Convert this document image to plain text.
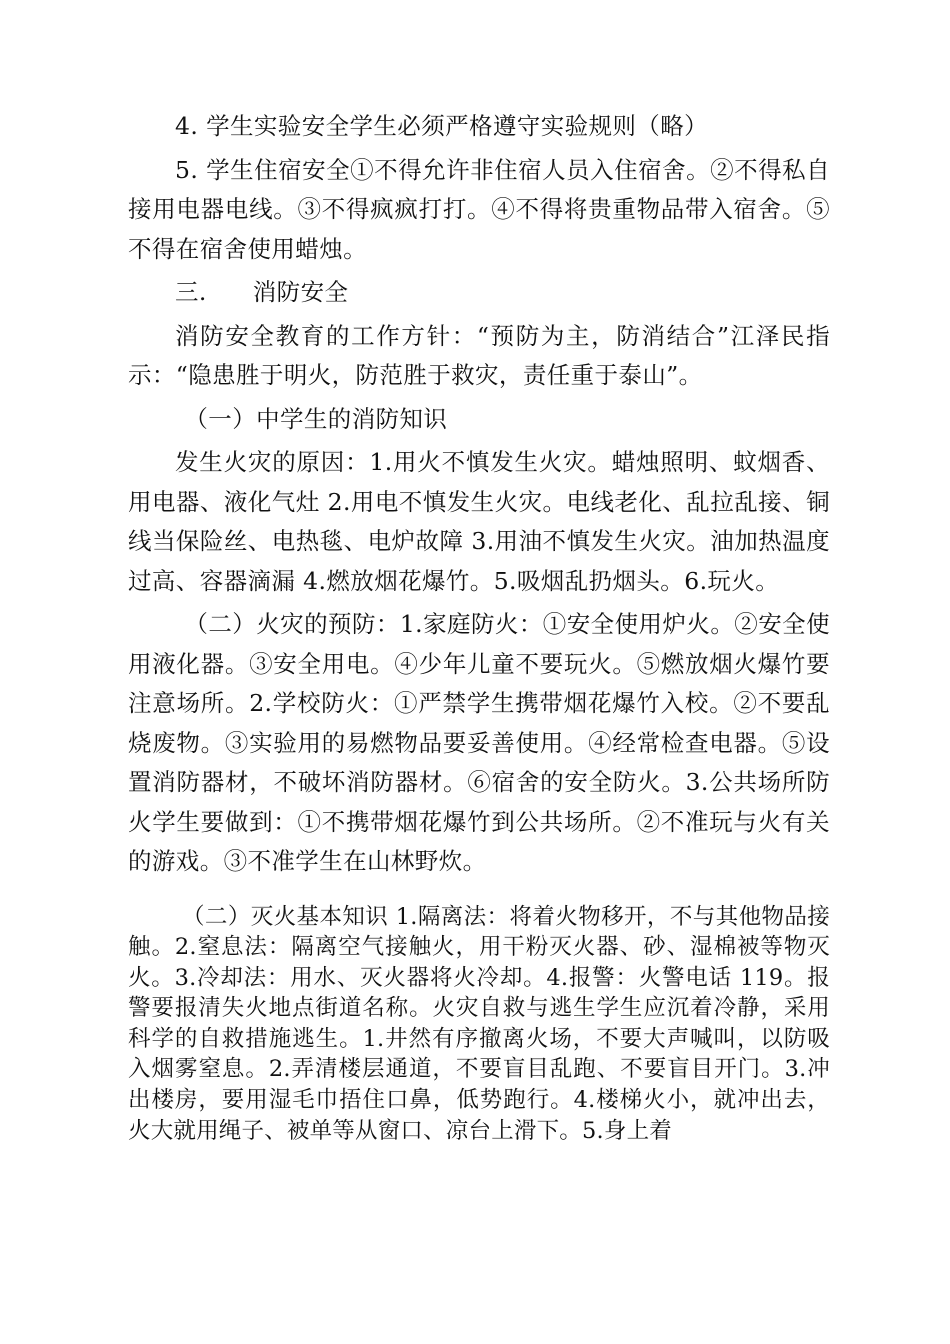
4. 学生实验安全学生必须严格遵守实验规则（略）

5. 学生住宿安全①不得允许非住宿人员入住宿舍。②不得私自接用电器电线。③不得疯疯打打。④不得将贵重物品带入宿舍。⑤不得在宿舍使用蜡烛。

三. 消防安全

消防安全教育的工作方针：“预防为主，防消结合”江泽民指示：“隐患胜于明火，防范胜于救灾，责任重于泰山”。

（一）中学生的消防知识

发生火灾的原因：1.用火不慎发生火灾。蜡烛照明、蚊烟香、用电器、液化气灶 2.用电不慎发生火灾。电线老化、乱拉乱接、铜线当保险丝、电热毯、电炉故障 3.用油不慎发生火灾。油加热温度过高、容器滴漏 4.燃放烟花爆竹。5.吸烟乱扔烟头。6.玩火。

（二）火灾的预防：1.家庭防火：①安全使用炉火。②安全使用液化器。③安全用电。④少年儿童不要玩火。⑤燃放烟火爆竹要注意场所。2.学校防火：①严禁学生携带烟花爆竹入校。②不要乱烧废物。③实验用的易燃物品要妥善使用。④经常检查电器。⑤设置消防器材，不破坏消防器材。⑥宿舍的安全防火。3.公共场所防火学生要做到：①不携带烟花爆竹到公共场所。②不准玩与火有关的游戏。③不准学生在山林野炊。

（二）灭火基本知识 1.隔离法：将着火物移开，不与其他物品接触。2.窒息法：隔离空气接触火，用干粉灭火器、砂、湿棉被等物灭火。3.冷却法：用水、灭火器将火冷却。4.报警：火警电话 119。报警要报清失火地点街道名称。火灾自救与逃生学生应沉着冷静，采用科学的自救措施逃生。1.井然有序撤离火场，不要大声喊叫，以防吸入烟雾窒息。2.弄清楼层通道，不要盲目乱跑、不要盲目开门。3.冲出楼房，要用湿毛巾捂住口鼻，低势跑行。4.楼梯火小，就冲出去，火大就用绳子、被单等从窗口、凉台上滑下。5.身上着
